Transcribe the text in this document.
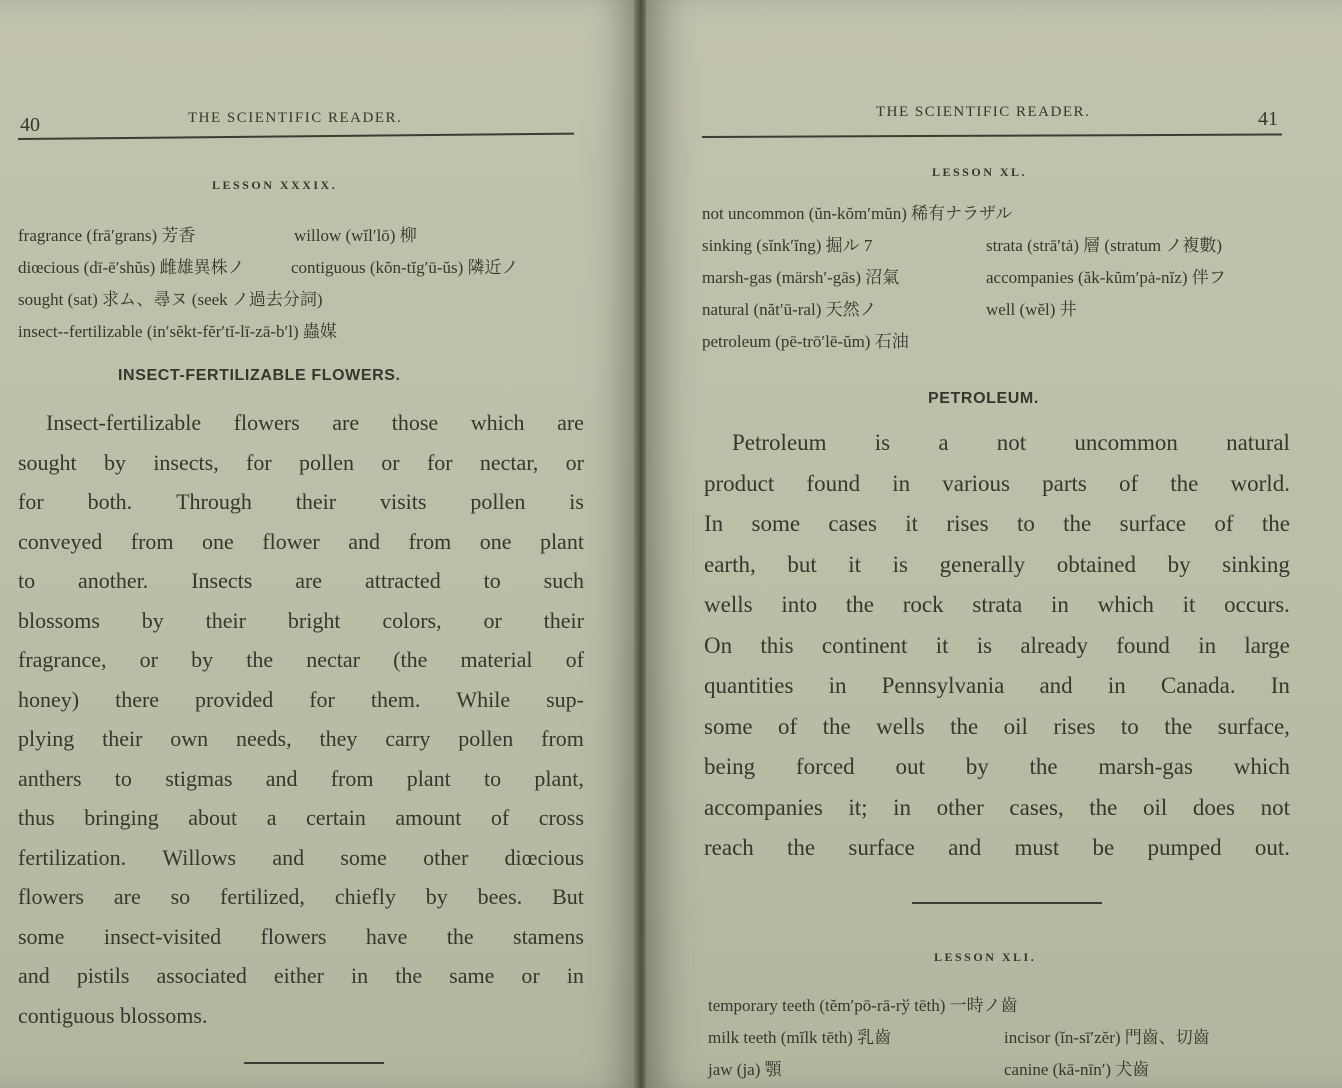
40	THE SCIENTIFIC READER.
LESSON XXXIX.
fragrance (frā′grans) 芳香	willow (wĭl′lō) 柳
diœcious (dī-ē′shŭs) 雌雄異株ノ	contiguous (kŏn-tĭg′ū-ŭs) 隣近ノ
sought (sat) 求ム、尋ヌ (seek ノ過去分詞)
insect--fertilizable (in′sĕkt-fĕr′tĭ-lī-zā-b′l) 蟲媒
INSECT-FERTILIZABLE FLOWERS.
Insect-fertilizable flowers are those which are
sought by insects, for pollen or for nectar, or
for both. Through their visits pollen is
conveyed from one flower and from one plant
to another. Insects are attracted to such
blossoms by their bright colors, or their
fragrance, or by the nectar (the material of
honey) there provided for them. While sup-
plying their own needs, they carry pollen from
anthers to stigmas and from plant to plant,
thus bringing about a certain amount of cross
fertilization. Willows and some other diœcious
flowers are so fertilized, chiefly by bees. But
some insect-visited flowers have the stamens
and pistils associated either in the same or in
contiguous blossoms.
THE SCIENTIFIC READER.	41
LESSON XL.
not uncommon (ŭn-kŏm′mŭn) 稀有ナラザル
sinking (sĭnk′ĭng) 掘ル 7	strata (strā′tȧ) 層 (stratum ノ複數)
marsh-gas (märsh′-gās) 沼氣	accompanies (ăk-kŭm′pȧ-nĭz) 伴フ
natural (năt′ū-ral) 天然ノ	well (wĕl) 井
petroleum (pē-trō′lē-ŭm) 石油
PETROLEUM.
Petroleum is a not uncommon natural
product found in various parts of the world.
In some cases it rises to the surface of the
earth, but it is generally obtained by sinking
wells into the rock strata in which it occurs.
On this continent it is already found in large
quantities in Pennsylvania and in Canada. In
some of the wells the oil rises to the surface,
being forced out by the marsh-gas which
accompanies it; in other cases, the oil does not
reach the surface and must be pumped out.
LESSON XLI.
temporary teeth (tĕm′pō-rā-rў tēth) 一時ノ齒
milk teeth (mĭlk tēth) 乳齒	incisor (ĭn-sī′zĕr) 門齒、切齒
jaw (ja) 顎	canine (kā-nīn′) 犬齒
